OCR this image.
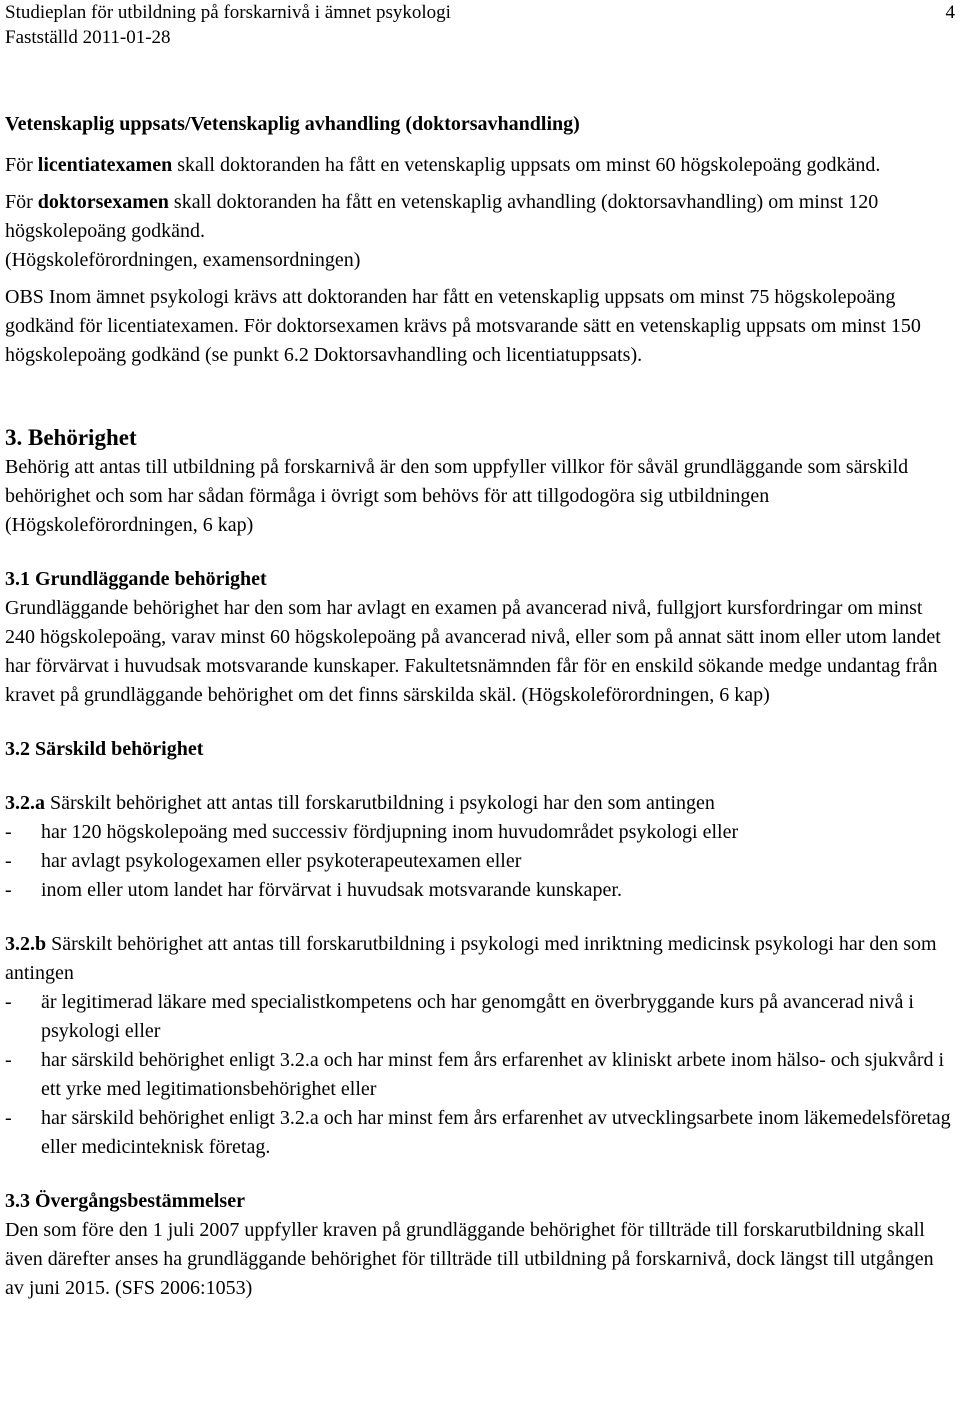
Studieplan för utbildning på forskarnivå i ämnet psykologi
Fastställd 2011-01-28
4

Vetenskaplig uppsats/Vetenskaplig avhandling (doktorsavhandling)

För licentiatexamen skall doktoranden ha fått en vetenskaplig uppsats om minst 60 högskolepoäng godkänd.

För doktorsexamen skall doktoranden ha fått en vetenskaplig avhandling (doktorsavhandling) om minst 120 högskolepoäng godkänd.

(Högskoleförordningen, examensordningen)

OBS Inom ämnet psykologi krävs att doktoranden har fått en vetenskaplig uppsats om minst 75 högskolepoäng godkänd för licentiatexamen. För doktorsexamen krävs på motsvarande sätt en vetenskaplig uppsats om minst 150 högskolepoäng godkänd (se punkt 6.2 Doktorsavhandling och licentiatuppsats).

3. Behörighet

Behörig att antas till utbildning på forskarnivå är den som uppfyller villkor för såväl grundläggande som särskild behörighet och som har sådan förmåga i övrigt som behövs för att tillgodogöra sig utbildningen (Högskoleförordningen, 6 kap)

3.1 Grundläggande behörighet

Grundläggande behörighet har den som har avlagt en examen på avancerad nivå, fullgjort kursfordringar om minst 240 högskolepoäng, varav minst 60 högskolepoäng på avancerad nivå, eller som på annat sätt inom eller utom landet har förvärvat i huvudsak motsvarande kunskaper. Fakultetsnämnden får för en enskild sökande medge undantag från kravet på grundläggande behörighet om det finns särskilda skäl. (Högskoleförordningen, 6 kap)

3.2 Särskild behörighet

3.2.a Särskilt behörighet att antas till forskarutbildning i psykologi har den som antingen

-	har 120 högskolepoäng med successiv fördjupning inom huvudområdet psykologi eller
-	har avlagt psykologexamen eller psykoterapeutexamen eller
-	inom eller utom landet har förvärvat i huvudsak motsvarande kunskaper.

3.2.b Särskilt behörighet att antas till forskarutbildning i psykologi med inriktning medicinsk psykologi har den som antingen

-	är legitimerad läkare med specialistkompetens och har genomgått en överbryggande kurs på avancerad nivå i psykologi eller
-	har särskild behörighet enligt 3.2.a och har minst fem års erfarenhet av kliniskt arbete inom hälso- och sjukvård i ett yrke med legitimationsbehörighet eller
-	har särskild behörighet enligt 3.2.a och har minst fem års erfarenhet av utvecklingsarbete inom läkemedelsföretag eller medicinteknisk företag.

3.3 Övergångsbestämmelser

Den som före den 1 juli 2007 uppfyller kraven på grundläggande behörighet för tillträde till forskarutbildning skall även därefter anses ha grundläggande behörighet för tillträde till utbildning på forskarnivå, dock längst till utgången av juni 2015. (SFS 2006:1053)
